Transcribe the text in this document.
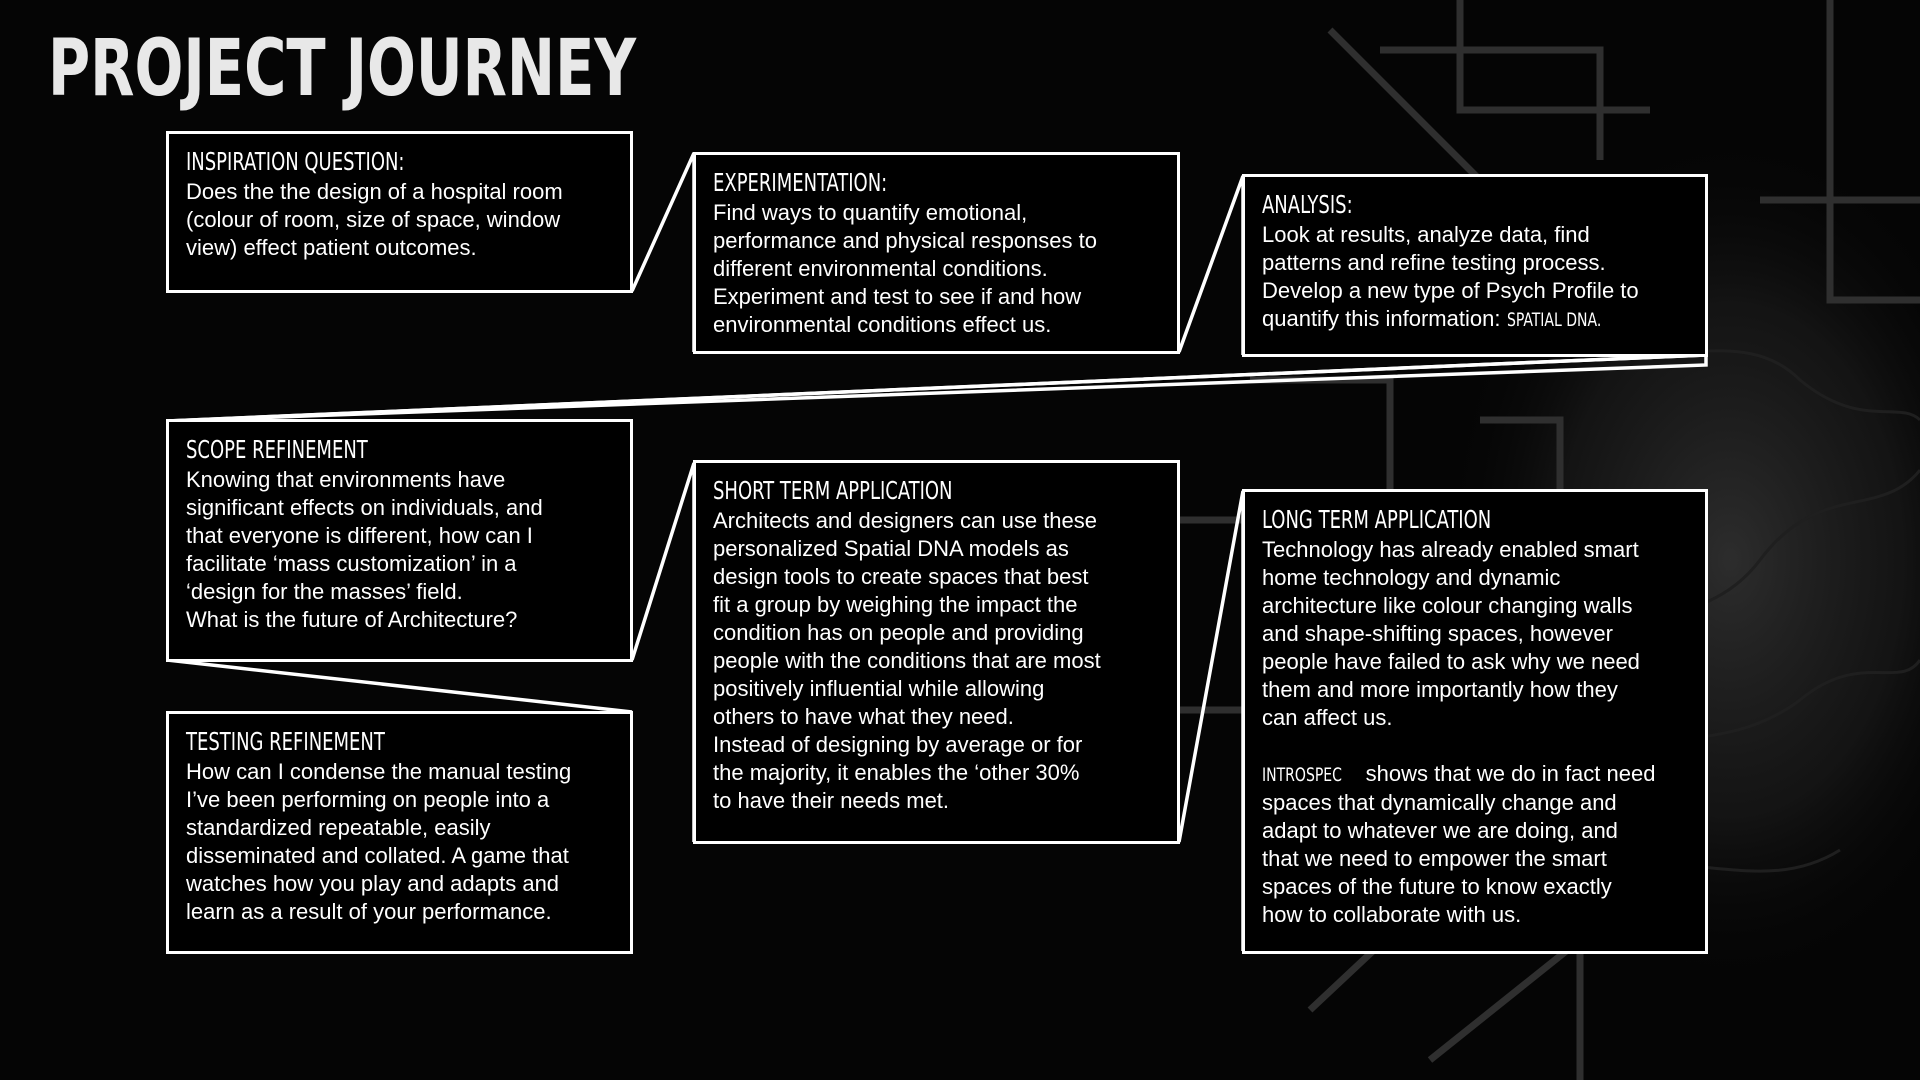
PROJECT JOURNEY
INSPIRATION QUESTION:
Does the the design of a hospital room
(colour of room, size of space, window
view) effect patient outcomes.
EXPERIMENTATION:
Find ways to quantify emotional,
performance and physical responses to
different environmental conditions.
Experiment and test to see if and how
environmental conditions effect us.
ANALYSIS:
Look at results, analyze data, find
patterns and refine testing process.
Develop a new type of Psych Profile to
quantify this information: SPATIAL DNA.
SCOPE REFINEMENT
Knowing that environments have
significant effects on individuals, and
that everyone is different, how can I
facilitate ‘mass customization’ in a
‘design for the masses’ field.
What is the future of Architecture?
SHORT TERM APPLICATION
Architects and designers can use these
personalized Spatial DNA models as
design tools to create spaces that best
fit a group by weighing the impact the
condition has on people and providing
people with the conditions that are most
positively influential while allowing
others to have what they need.
Instead of designing by average or for
the majority, it enables the ‘other 30%
to have their needs met.
LONG TERM APPLICATION
Technology has already enabled smart
home technology and dynamic
architecture like colour changing walls
and shape-shifting spaces, however
people have failed to ask why we need
them and more importantly how they
can affect us.
INTROSPEC shows that we do in fact need
spaces that dynamically change and
adapt to whatever we are doing, and
that we need to empower the smart
spaces of the future to know exactly
how to collaborate with us.
TESTING REFINEMENT
How can I condense the manual testing
I’ve been performing on people into a
standardized repeatable, easily
disseminated and collated. A game that
watches how you play and adapts and
learn as a result of your performance.
